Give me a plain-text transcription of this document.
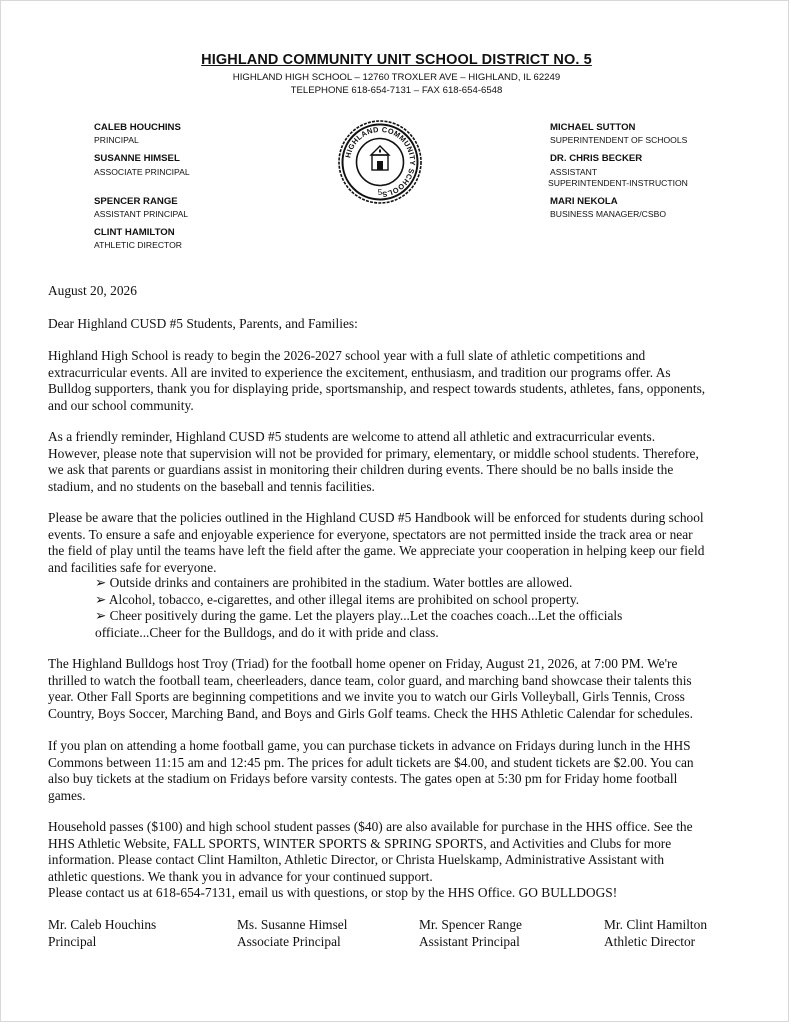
HIGHLAND COMMUNITY UNIT SCHOOL DISTRICT NO. 5
HIGHLAND HIGH SCHOOL – 12760 TROXLER AVE – HIGHLAND, IL 62249
TELEPHONE 618-654-7131 – FAX 618-654-6548
CALEB HOUCHINS
PRINCIPAL
SUSANNE HIMSEL
ASSOCIATE PRINCIPAL
SPENCER RANGE
ASSISTANT PRINCIPAL
CLINT HAMILTON
ATHLETIC DIRECTOR
HIGHLAND COMMUNITY SCHOOLS
5
MICHAEL SUTTON
SUPERINTENDENT OF SCHOOLS
DR. CHRIS BECKER
ASSISTANT
SUPERINTENDENT-INSTRUCTION
MARI NEKOLA
BUSINESS MANAGER/CSBO
August 20, 2026
Dear Highland CUSD #5 Students, Parents, and Families:
Highland High School is ready to begin the 2026-2027 school year with a full slate of athletic competitions and
extracurricular events. All are invited to experience the excitement, enthusiasm, and tradition our programs offer. As
Bulldog supporters, thank you for displaying pride, sportsmanship, and respect towards students, athletes, fans, opponents,
and our school community.
As a friendly reminder, Highland CUSD #5 students are welcome to attend all athletic and extracurricular events.
However, please note that supervision will not be provided for primary, elementary, or middle school students. Therefore,
we ask that parents or guardians assist in monitoring their children during events. There should be no balls inside the
stadium, and no students on the baseball and tennis facilities.
Please be aware that the policies outlined in the Highland CUSD #5 Handbook will be enforced for students during school
events. To ensure a safe and enjoyable experience for everyone, spectators are not permitted inside the track area or near
the field of play until the teams have left the field after the game. We appreciate your cooperation in helping keep our field
and facilities safe for everyone.
➢ Outside drinks and containers are prohibited in the stadium. Water bottles are allowed.
➢ Alcohol, tobacco, e-cigarettes, and other illegal items are prohibited on school property.
➢ Cheer positively during the game. Let the players play...Let the coaches coach...Let the officials
officiate...Cheer for the Bulldogs, and do it with pride and class.
The Highland Bulldogs host Troy (Triad) for the football home opener on Friday, August 21, 2026, at 7:00 PM. We're
thrilled to watch the football team, cheerleaders, dance team, color guard, and marching band showcase their talents this
year. Other Fall Sports are beginning competitions and we invite you to watch our Girls Volleyball, Girls Tennis, Cross
Country, Boys Soccer, Marching Band, and Boys and Girls Golf teams. Check the HHS Athletic Calendar for schedules.
If you plan on attending a home football game, you can purchase tickets in advance on Fridays during lunch in the HHS
Commons between 11:15 am and 12:45 pm. The prices for adult tickets are $4.00, and student tickets are $2.00. You can
also buy tickets at the stadium on Fridays before varsity contests. The gates open at 5:30 pm for Friday home football
games.
Household passes ($100) and high school student passes ($40) are also available for purchase in the HHS office. See the
HHS Athletic Website, FALL SPORTS, WINTER SPORTS & SPRING SPORTS, and Activities and Clubs for more
information. Please contact Clint Hamilton, Athletic Director, or Christa Huelskamp, Administrative Assistant with
athletic questions. We thank you in advance for your continued support.
Please contact us at 618-654-7131, email us with questions, or stop by the HHS Office. GO BULLDOGS!
Mr. Caleb Houchins
Principal
Ms. Susanne Himsel
Associate Principal
Mr. Spencer Range
Assistant Principal
Mr. Clint Hamilton
Athletic Director
